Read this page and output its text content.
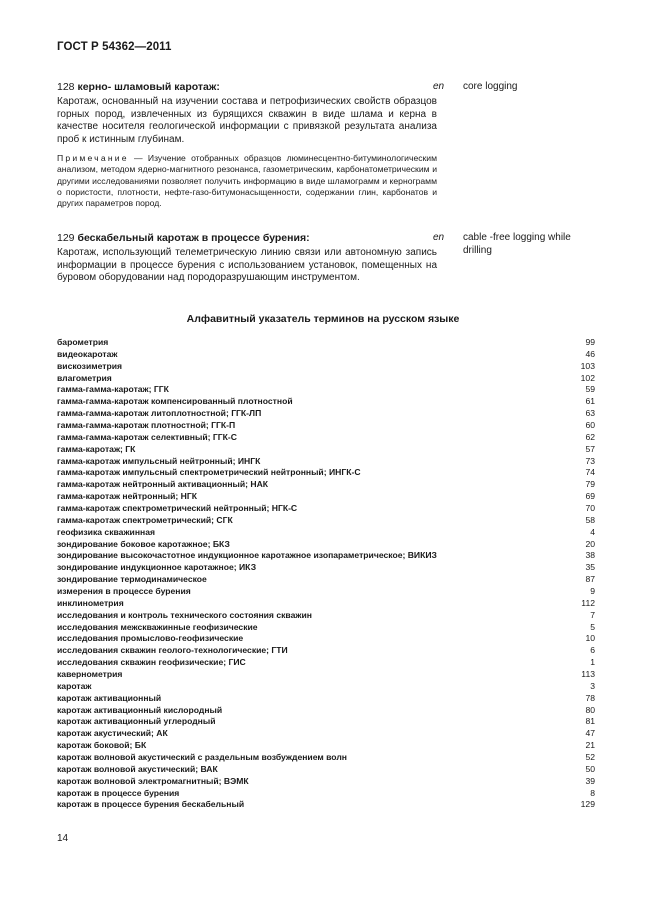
ГОСТ Р 54362—2011
128 керно- шламовый каротаж:
Каротаж, основанный на изучении состава и петрофизических свойств образцов горных пород, извлеченных из бурящихся скважин в виде шлама и керна в качестве носителя геологической информации с привязкой результата анализа проб к истинным глубинам.
Примечание — Изучение отобранных образцов люминесцентно-битуминологическим анализом, методом ядерно-магнитного резонанса, газометрическим, карбонатометрическим и другими исследованиями позволяет получить информацию в виде шламограмм и кернограмм о пористости, плотности, нефте-газо-битумонасыщенности, содержании глин, карбонатов и других параметров пород.
en core logging
129 бескабельный каротаж в процессе бурения:
Каротаж, использующий телеметрическую линию связи или автономную запись информации в процессе бурения с использованием установок, помещенных на буровом оборудовании над породоразрушающим инструментом.
en cable -free logging while drilling
Алфавитный указатель терминов на русском языке
барометрия	99
видеокаротаж	46
вискозиметрия	103
влагометрия	102
гамма-гамма-каротаж; ГГК	59
гамма-гамма-каротаж компенсированный плотностной	61
гамма-гамма-каротаж литоплотностной; ГГК-ЛП	63
гамма-гамма-каротаж плотностной; ГГК-П	60
гамма-гамма-каротаж селективный; ГГК-С	62
гамма-каротаж; ГК	57
гамма-каротаж импульсный нейтронный; ИНГК	73
гамма-каротаж импульсный спектрометрический нейтронный; ИНГК-С	74
гамма-каротаж нейтронный активационный; НАК	79
гамма-каротаж нейтронный; НГК	69
гамма-каротаж спектрометрический нейтронный; НГК-С	70
гамма-каротаж спектрометрический; СГК	58
геофизика скважинная	4
зондирование боковое каротажное; БКЗ	20
зондирование высокочастотное индукционное каротажное изопараметрическое; ВИКИЗ	38
зондирование индукционное каротажное; ИКЗ	35
зондирование термодинамическое	87
измерения в процессе бурения	9
инклинометрия	112
исследования и контроль технического состояния скважин	7
исследования межскважинные геофизические	5
исследования промыслово-геофизические	10
исследования скважин геолого-технологические; ГТИ	6
исследования скважин геофизические; ГИС	1
кавернометрия	113
каротаж	3
каротаж активационный	78
каротаж активационный кислородный	80
каротаж активационный углеродный	81
каротаж акустический; АК	47
каротаж боковой; БК	21
каротаж волновой акустический с раздельным возбуждением волн	52
каротаж волновой акустический; ВАК	50
каротаж волновой электромагнитный; ВЭМК	39
каротаж в процессе бурения	8
каротаж в процессе бурения бескабельный	129
14
